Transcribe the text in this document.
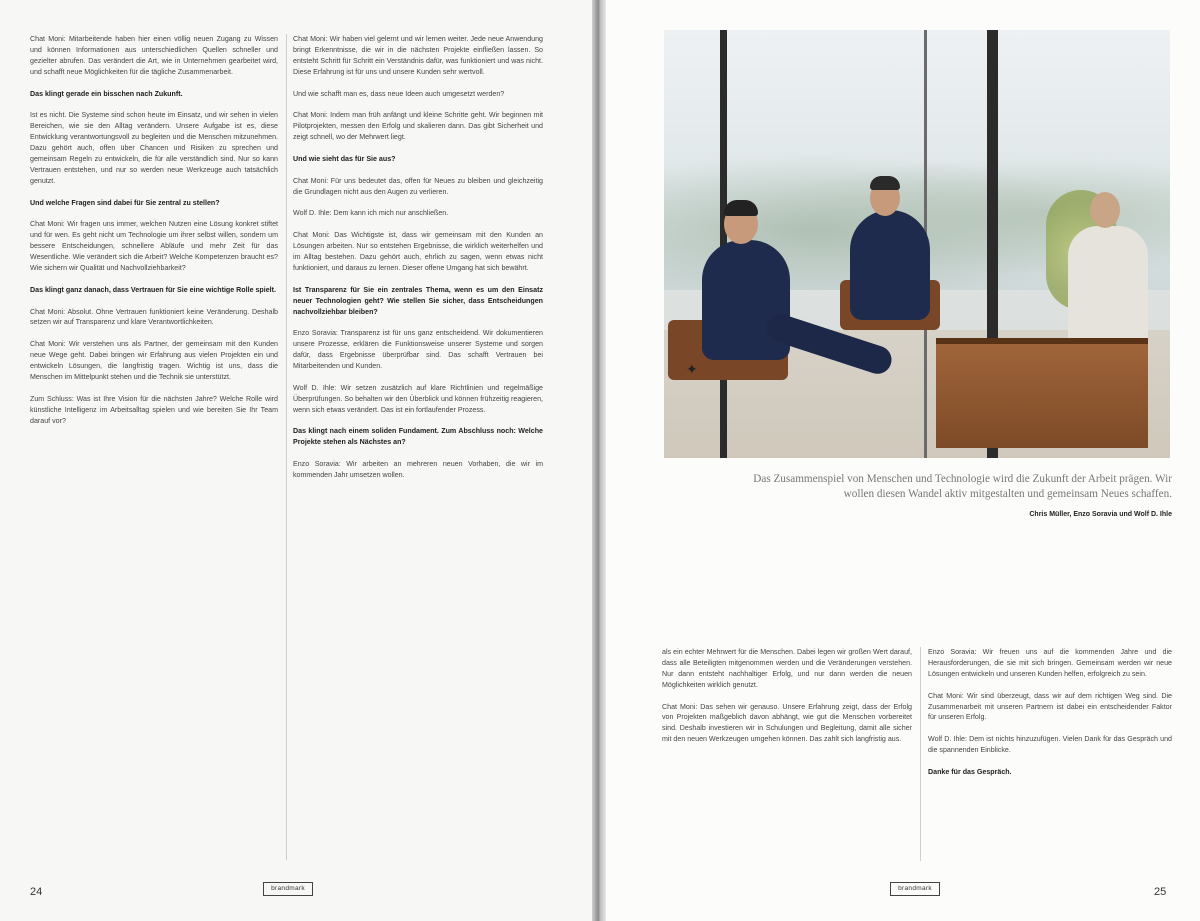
Chat Moni: Mitarbeitende haben hier einen völlig neuen Zugang zu Wissen und können Informationen aus unterschiedlichen Quellen schneller und gezielter abrufen. Das verändert die Art, wie in Unternehmen gearbeitet wird, und schafft neue Möglichkeiten für die tägliche Zusammenarbeit.

Das klingt gerade ein bisschen nach Zukunft.

Ist es nicht. Die Systeme sind schon heute im Einsatz, und wir sehen in vielen Bereichen, wie sie den Alltag verändern. Unsere Aufgabe ist es, diese Entwicklung verantwortungsvoll zu begleiten und die Menschen mitzunehmen. Dazu gehört auch, offen über Chancen und Risiken zu sprechen und gemeinsam Regeln zu entwickeln, die für alle verständlich sind. Nur so kann Vertrauen entstehen, und nur so werden neue Werkzeuge auch tatsächlich genutzt.

Und welche Fragen sind dabei für Sie zentral zu stellen?

Chat Moni: Wir fragen uns immer, welchen Nutzen eine Lösung konkret stiftet und für wen. Es geht nicht um Technologie um ihrer selbst willen, sondern um bessere Entscheidungen, schnellere Abläufe und mehr Zeit für das Wesentliche. Wie verändert sich die Arbeit? Welche Kompetenzen braucht es? Wie sichern wir Qualität und Nachvollziehbarkeit?

Das klingt ganz danach, dass Vertrauen für Sie eine wichtige Rolle spielt.

Chat Moni: Absolut. Ohne Vertrauen funktioniert keine Veränderung. Deshalb setzen wir auf Transparenz und klare Verantwortlichkeiten.

Chat Moni: Wir verstehen uns als Partner, der gemeinsam mit den Kunden neue Wege geht. Dabei bringen wir Erfahrung aus vielen Projekten ein und entwickeln Lösungen, die langfristig tragen. Wichtig ist uns, dass die Menschen im Mittelpunkt stehen und die Technik sie unterstützt.

Zum Schluss: Was ist Ihre Vision für die nächsten Jahre? Welche Rolle wird künstliche Intelligenz im Arbeitsalltag spielen und wie bereiten Sie Ihr Team darauf vor?

Chat Moni: Wir haben viel gelernt und wir lernen weiter. Jede neue Anwendung bringt Erkenntnisse, die wir in die nächsten Projekte einfließen lassen. So entsteht Schritt für Schritt ein Verständnis dafür, was funktioniert und was nicht. Diese Erfahrung ist für uns und unsere Kunden sehr wertvoll.

Und wie schafft man es, dass neue Ideen auch umgesetzt werden?

Chat Moni: Indem man früh anfängt und kleine Schritte geht. Wir beginnen mit Pilotprojekten, messen den Erfolg und skalieren dann. Das gibt Sicherheit und zeigt schnell, wo der Mehrwert liegt.

Und wie sieht das für Sie aus?

Chat Moni: Für uns bedeutet das, offen für Neues zu bleiben und gleichzeitig die Grundlagen nicht aus den Augen zu verlieren.

Wolf D. Ihle: Dem kann ich mich nur anschließen.

Chat Moni: Das Wichtigste ist, dass wir gemeinsam mit den Kunden an Lösungen arbeiten. Nur so entstehen Ergebnisse, die wirklich weiterhelfen und im Alltag bestehen. Dazu gehört auch, ehrlich zu sagen, wenn etwas nicht funktioniert, und daraus zu lernen. Dieser offene Umgang hat sich bewährt.

Ist Transparenz für Sie ein zentrales Thema, wenn es um den Einsatz neuer Technologien geht? Wie stellen Sie sicher, dass Entscheidungen nachvollziehbar bleiben?

Enzo Soravia: Transparenz ist für uns ganz entscheidend. Wir dokumentieren unsere Prozesse, erklären die Funktionsweise unserer Systeme und sorgen dafür, dass Ergebnisse überprüfbar sind. Das schafft Vertrauen bei Mitarbeitenden und Kunden.

Wolf D. Ihle: Wir setzen zusätzlich auf klare Richtlinien und regelmäßige Überprüfungen. So behalten wir den Überblick und können frühzeitig reagieren, wenn sich etwas verändert. Das ist ein fortlaufender Prozess.

Das klingt nach einem soliden Fundament. Zum Abschluss noch: Welche Projekte stehen als Nächstes an?

Enzo Soravia: Wir arbeiten an mehreren neuen Vorhaben, die wir im kommenden Jahr umsetzen wollen.

24	brandmark
✦
Das Zusammenspiel von Menschen und Technologie wird die Zukunft der Arbeit prägen. Wir wollen diesen Wandel aktiv mitgestalten und gemeinsam Neues schaffen.
Chris Müller, Enzo Soravia und Wolf D. Ihle

als ein echter Mehrwert für die Menschen. Dabei legen wir großen Wert darauf, dass alle Beteiligten mitgenommen werden und die Veränderungen verstehen. Nur dann entsteht nachhaltiger Erfolg, und nur dann werden die neuen Möglichkeiten wirklich genutzt.

Chat Moni: Das sehen wir genauso. Unsere Erfahrung zeigt, dass der Erfolg von Projekten maßgeblich davon abhängt, wie gut die Menschen vorbereitet sind. Deshalb investieren wir in Schulungen und Begleitung, damit alle sicher mit den neuen Werkzeugen umgehen können. Das zahlt sich langfristig aus.

Enzo Soravia: Wir freuen uns auf die kommenden Jahre und die Herausforderungen, die sie mit sich bringen. Gemeinsam werden wir neue Lösungen entwickeln und unseren Kunden helfen, erfolgreich zu sein.

Chat Moni: Wir sind überzeugt, dass wir auf dem richtigen Weg sind. Die Zusammenarbeit mit unseren Partnern ist dabei ein entscheidender Faktor für unseren Erfolg.

Wolf D. Ihle: Dem ist nichts hinzuzufügen. Vielen Dank für das Gespräch und die spannenden Einblicke.

Danke für das Gespräch.

brandmark	25
